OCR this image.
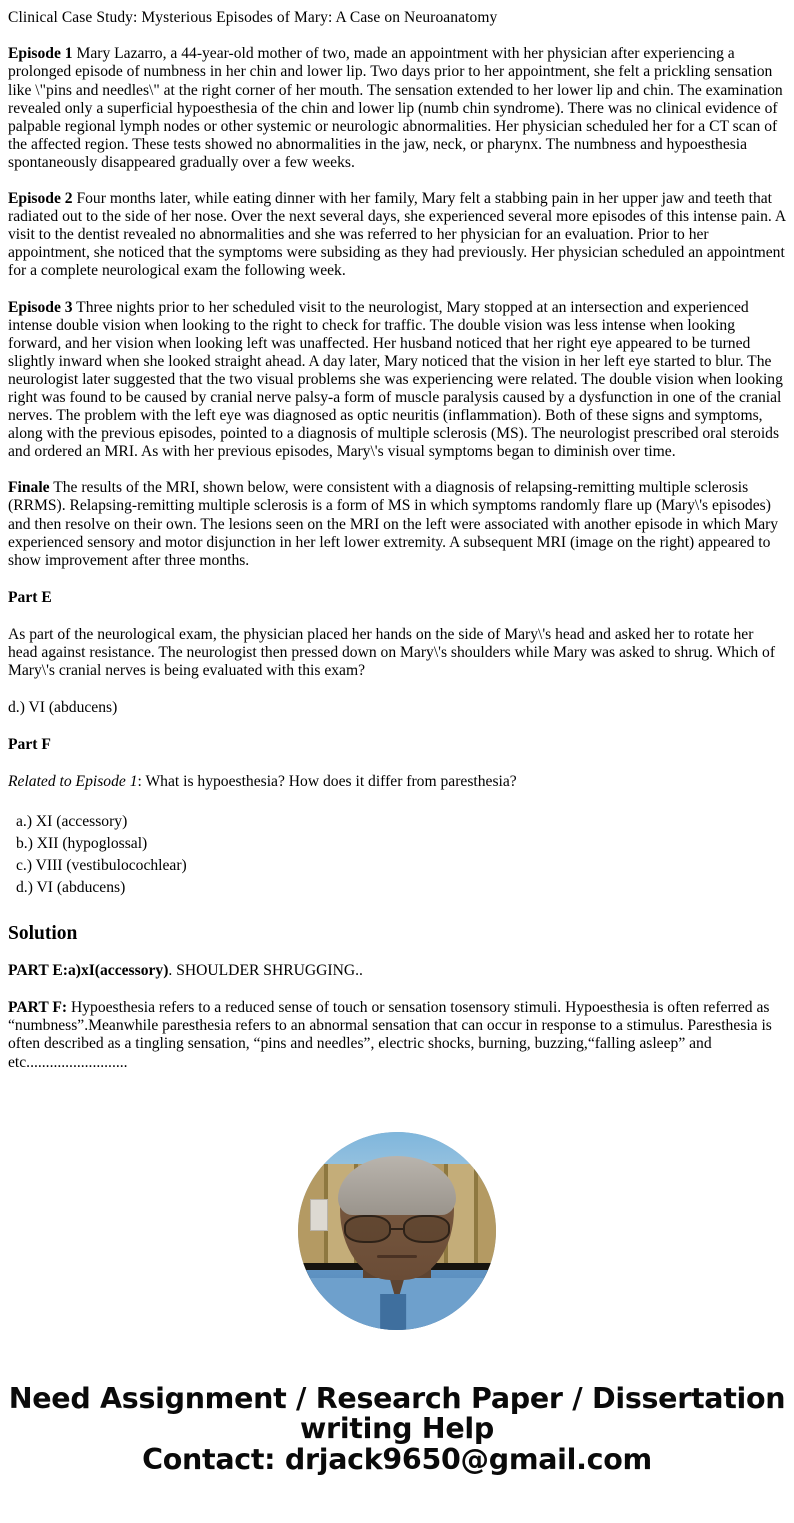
Clinical Case Study: Mysterious Episodes of Mary: A Case on Neuroanatomy

Episode 1 Mary Lazarro, a 44-year-old mother of two, made an appointment with her physician after experiencing a prolonged episode of numbness in her chin and lower lip. Two days prior to her appointment, she felt a prickling sensation like \"pins and needles\" at the right corner of her mouth. The sensation extended to her lower lip and chin. The examination revealed only a superficial hypoesthesia of the chin and lower lip (numb chin syndrome). There was no clinical evidence of palpable regional lymph nodes or other systemic or neurologic abnormalities. Her physician scheduled her for a CT scan of the affected region. These tests showed no abnormalities in the jaw, neck, or pharynx. The numbness and hypoesthesia spontaneously disappeared gradually over a few weeks.

Episode 2 Four months later, while eating dinner with her family, Mary felt a stabbing pain in her upper jaw and teeth that radiated out to the side of her nose. Over the next several days, she experienced several more episodes of this intense pain. A visit to the dentist revealed no abnormalities and she was referred to her physician for an evaluation. Prior to her appointment, she noticed that the symptoms were subsiding as they had previously. Her physician scheduled an appointment for a complete neurological exam the following week.

Episode 3 Three nights prior to her scheduled visit to the neurologist, Mary stopped at an intersection and experienced intense double vision when looking to the right to check for traffic. The double vision was less intense when looking forward, and her vision when looking left was unaffected. Her husband noticed that her right eye appeared to be turned slightly inward when she looked straight ahead. A day later, Mary noticed that the vision in her left eye started to blur. The neurologist later suggested that the two visual problems she was experiencing were related. The double vision when looking right was found to be caused by cranial nerve palsy-a form of muscle paralysis caused by a dysfunction in one of the cranial nerves. The problem with the left eye was diagnosed as optic neuritis (inflammation). Both of these signs and symptoms, along with the previous episodes, pointed to a diagnosis of multiple sclerosis (MS). The neurologist prescribed oral steroids and ordered an MRI. As with her previous episodes, Mary\'s visual symptoms began to diminish over time.

Finale The results of the MRI, shown below, were consistent with a diagnosis of relapsing-remitting multiple sclerosis (RRMS). Relapsing-remitting multiple sclerosis is a form of MS in which symptoms randomly flare up (Mary\'s episodes) and then resolve on their own. The lesions seen on the MRI on the left were associated with another episode in which Mary experienced sensory and motor disjunction in her left lower extremity. A subsequent MRI (image on the right) appeared to show improvement after three months.

Part E

As part of the neurological exam, the physician placed her hands on the side of Mary\'s head and asked her to rotate her head against resistance. The neurologist then pressed down on Mary\'s shoulders while Mary was asked to shrug. Which of Mary\'s cranial nerves is being evaluated with this exam?

d.) VI (abducens)

Part F

Related to Episode 1: What is hypoesthesia? How does it differ from paresthesia?

a.) XI (accessory)
b.) XII (hypoglossal)
c.) VIII (vestibulocochlear)
d.) VI (abducens)
Solution

PART E:a)xI(accessory). SHOULDER SHRUGGING..

PART F: Hypoesthesia refers to a reduced sense of touch or sensation tosensory stimuli. Hypoesthesia is often referred as “numbness”.Meanwhile paresthesia refers to an abnormal sensation that can occur in response to a stimulus. Paresthesia is often described as a tingling sensation, “pins and needles”, electric shocks, burning, buzzing,“falling asleep” and etc..........................

Need Assignment / Research Paper / Dissertation
writing Help
Contact: drjack9650@gmail.com
